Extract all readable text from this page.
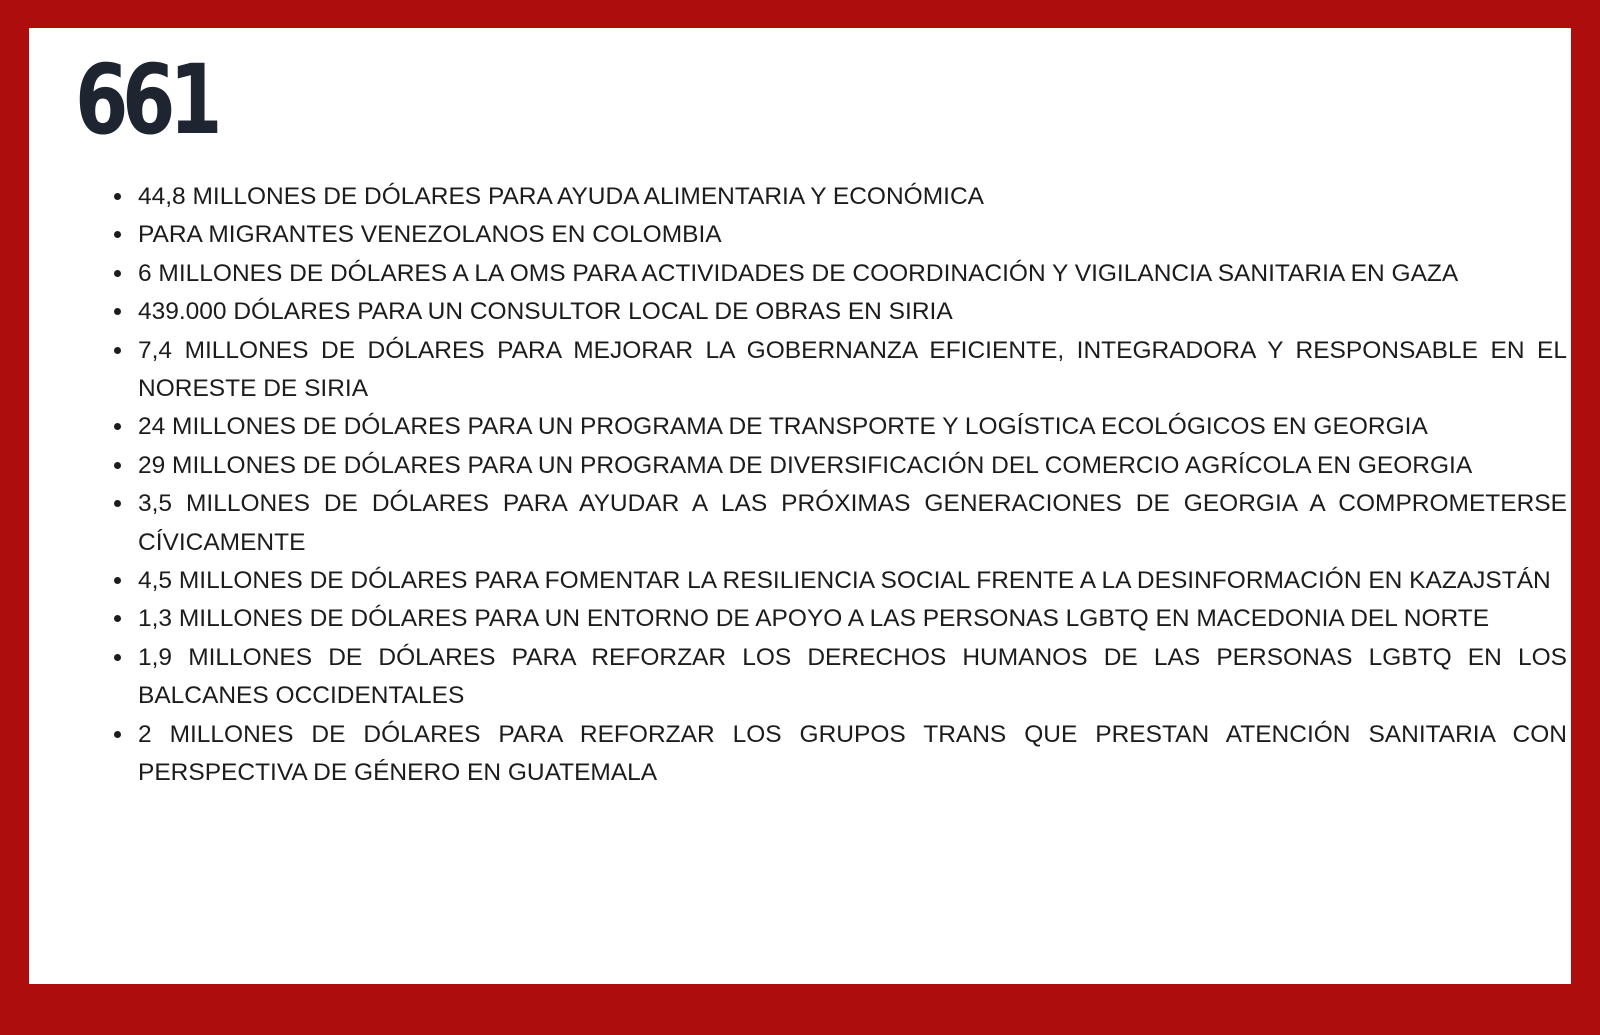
661
• 44,8 MILLONES DE DÓLARES PARA AYUDA ALIMENTARIA Y ECONÓMICA
• PARA MIGRANTES VENEZOLANOS EN COLOMBIA
• 6 MILLONES DE DÓLARES A LA OMS PARA ACTIVIDADES DE COORDINACIÓN Y VIGILANCIA SANITARIA EN GAZA
• 439.000 DÓLARES PARA UN CONSULTOR LOCAL DE OBRAS EN SIRIA
• 7,4 MILLONES DE DÓLARES PARA MEJORAR LA GOBERNANZA EFICIENTE, INTEGRADORA Y RESPONSABLE EN EL NORESTE DE SIRIA
• 24 MILLONES DE DÓLARES PARA UN PROGRAMA DE TRANSPORTE Y LOGÍSTICA ECOLÓGICOS EN GEORGIA
• 29 MILLONES DE DÓLARES PARA UN PROGRAMA DE DIVERSIFICACIÓN DEL COMERCIO AGRÍCOLA EN GEORGIA
• 3,5 MILLONES DE DÓLARES PARA AYUDAR A LAS PRÓXIMAS GENERACIONES DE GEORGIA A COMPROMETERSE CÍVICAMENTE
• 4,5 MILLONES DE DÓLARES PARA FOMENTAR LA RESILIENCIA SOCIAL FRENTE A LA DESINFORMACIÓN EN KAZAJSTÁN
• 1,3 MILLONES DE DÓLARES PARA UN ENTORNO DE APOYO A LAS PERSONAS LGBTQ EN MACEDONIA DEL NORTE
• 1,9 MILLONES DE DÓLARES PARA REFORZAR LOS DERECHOS HUMANOS DE LAS PERSONAS LGBTQ EN LOS BALCANES OCCIDENTALES
• 2 MILLONES DE DÓLARES PARA REFORZAR LOS GRUPOS TRANS QUE PRESTAN ATENCIÓN SANITARIA CON PERSPECTIVA DE GÉNERO EN GUATEMALA
